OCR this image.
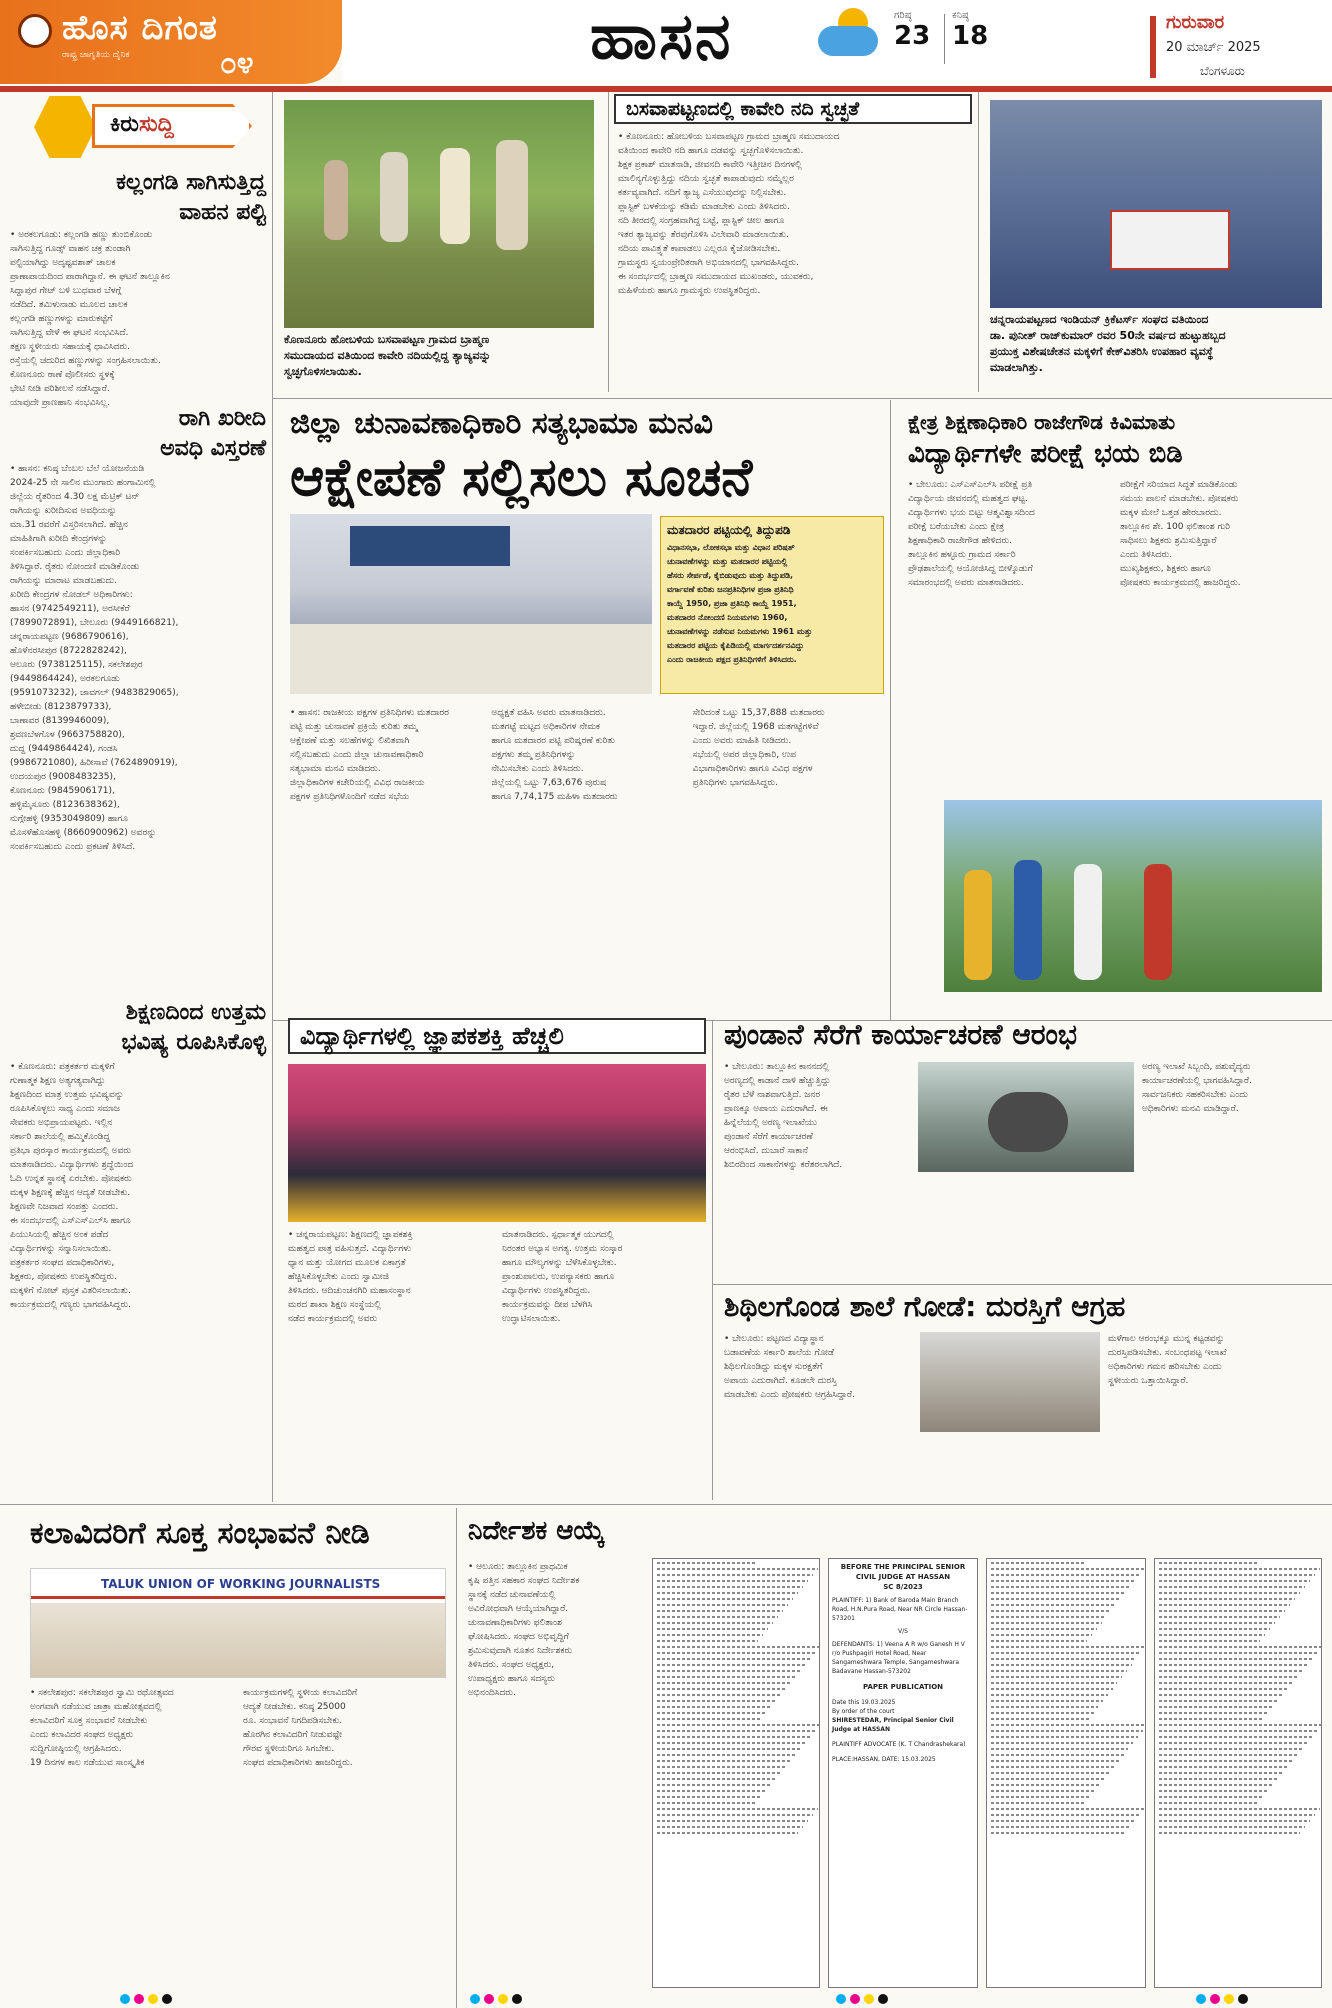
ಹೊಸ ದಿಗಂತ
ರಾಷ್ಟ್ರ ಜಾಗೃತಿಯ ದೈನಿಕ	೦೪	ಹಾಸನ	ಗರಿಷ್ಠ
23
ಕನಿಷ್ಠ
18	ಗುರುವಾರ
20 ಮಾರ್ಚ್ 2025
ಬೆಂಗಳೂರು
ಕಿರುಸುದ್ದಿ
ಕಲ್ಲಂಗಡಿ ಸಾಗಿಸುತ್ತಿದ್ದ
ವಾಹನ ಪಲ್ಟಿ
• ಅರಕಲಗೂಡು: ಕಲ್ಲಂಗಡಿ ಹಣ್ಣು ತುಂಬಿಕೊಂಡು
ಸಾಗಿಸುತ್ತಿದ್ದ ಗೂಡ್ಸ್ ವಾಹನ ಚಕ್ರ ತುಂಡಾಗಿ
ಪಲ್ಟಿಯಾಗಿದ್ದು ಅದೃಷ್ಟವಶಾತ್ ಚಾಲಕ
ಪ್ರಾಣಾಪಾಯದಿಂದ ಪಾರಾಗಿದ್ದಾನೆ. ಈ ಘಟನೆ ತಾಲ್ಲೂಕಿನ
ಸಿದ್ದಾಪುರ ಗೇಟ್ ಬಳಿ ಬುಧವಾರ ಬೆಳಗ್ಗೆ
ನಡೆದಿದೆ. ತಮಿಳುನಾಡು ಮೂಲದ ಚಾಲಕ
ಕಲ್ಲಂಗಡಿ ಹಣ್ಣುಗಳನ್ನು ಮಾರುಕಟ್ಟೆಗೆ
ಸಾಗಿಸುತ್ತಿದ್ದ ವೇಳೆ ಈ ಘಟನೆ ಸಂಭವಿಸಿದೆ.
ತಕ್ಷಣ ಸ್ಥಳೀಯರು ಸಹಾಯಕ್ಕೆ ಧಾವಿಸಿದರು.
ರಸ್ತೆಯಲ್ಲಿ ಚದುರಿದ ಹಣ್ಣುಗಳನ್ನು ಸಂಗ್ರಹಿಸಲಾಯಿತು.
ಕೊಣನೂರು ಠಾಣೆ ಪೊಲೀಸರು ಸ್ಥಳಕ್ಕೆ
ಭೇಟಿ ನೀಡಿ ಪರಿಶೀಲನೆ ನಡೆಸಿದ್ದಾರೆ.
ಯಾವುದೇ ಪ್ರಾಣಹಾನಿ ಸಂಭವಿಸಿಲ್ಲ.
ರಾಗಿ ಖರೀದಿ
ಅವಧಿ ವಿಸ್ತರಣೆ
• ಹಾಸನ: ಕನಿಷ್ಠ ಬೆಂಬಲ ಬೆಲೆ ಯೋಜನೆಯಡಿ
2024-25 ನೇ ಸಾಲಿನ ಮುಂಗಾರು ಹಂಗಾಮಿನಲ್ಲಿ
ಜಿಲ್ಲೆಯ ರೈತರಿಂದ 4.30 ಲಕ್ಷ ಮೆಟ್ರಿಕ್ ಟನ್
ರಾಗಿಯನ್ನು ಖರೀದಿಸುವ ಅವಧಿಯನ್ನು
ಮಾ.31 ರವರೆಗೆ ವಿಸ್ತರಿಸಲಾಗಿದೆ. ಹೆಚ್ಚಿನ
ಮಾಹಿತಿಗಾಗಿ ಖರೀದಿ ಕೇಂದ್ರಗಳನ್ನು
ಸಂಪರ್ಕಿಸಬಹುದು ಎಂದು ಜಿಲ್ಲಾಧಿಕಾರಿ
ತಿಳಿಸಿದ್ದಾರೆ. ರೈತರು ನೋಂದಣಿ ಮಾಡಿಕೊಂಡು
ರಾಗಿಯನ್ನು ಮಾರಾಟ ಮಾಡಬಹುದು.
ಖರೀದಿ ಕೇಂದ್ರಗಳ ನೋಡಲ್ ಅಧಿಕಾರಿಗಳು:
ಹಾಸನ (9742549211), ಅರಸೀಕೆರೆ
(7899072891), ಬೇಲೂರು (9449166821),
ಚನ್ನರಾಯಪಟ್ಟಣ (9686790616),
ಹೊಳೆನರಸೀಪುರ (8722828242),
ಆಲೂರು (9738125115), ಸಕಲೇಶಪುರ
(9449864424), ಅರಕಲಗೂಡು
(9591073232), ಜಾವಗಲ್ (9483829065),
ಹಳೇಬೀಡು (8123879733),
ಬಾಣಾವರ (8139946009),
ಶ್ರವಣಬೆಳಗೊಳ (9663758820),
ದುದ್ದ (9449864424), ಗಂಡಸಿ
(9986721080), ಹಿರೀಸಾವೆ (7624890919),
ಉದಯಪುರ (9008483235),
ಕೊಣನೂರು (9845906171),
ಹಳ್ಳಿಮೈಸೂರು (8123638362),
ನುಗ್ಗೇಹಳ್ಳಿ (9353049809) ಹಾಗೂ
ಮೊಸಳೆಹೊಸಹಳ್ಳಿ (8660900962) ಅವರನ್ನು
ಸಂಪರ್ಕಿಸಬಹುದು ಎಂದು ಪ್ರಕಟಣೆ ತಿಳಿಸಿದೆ.
ಶಿಕ್ಷಣದಿಂದ ಉತ್ತಮ
ಭವಿಷ್ಯ ರೂಪಿಸಿಕೊಳ್ಳಿ
• ಕೊಣನೂರು: ಪತ್ರಕರ್ತರ ಮಕ್ಕಳಿಗೆ
ಗುಣಾತ್ಮಕ ಶಿಕ್ಷಣ ಅತ್ಯಗತ್ಯವಾಗಿದ್ದು
ಶಿಕ್ಷಣದಿಂದ ಮಾತ್ರ ಉತ್ತಮ ಭವಿಷ್ಯವನ್ನು
ರೂಪಿಸಿಕೊಳ್ಳಲು ಸಾಧ್ಯ ಎಂದು ಸಮಾಜ
ಸೇವಕರು ಅಭಿಪ್ರಾಯಪಟ್ಟರು. ಇಲ್ಲಿನ
ಸರ್ಕಾರಿ ಶಾಲೆಯಲ್ಲಿ ಹಮ್ಮಿಕೊಂಡಿದ್ದ
ಪ್ರತಿಭಾ ಪುರಸ್ಕಾರ ಕಾರ್ಯಕ್ರಮದಲ್ಲಿ ಅವರು
ಮಾತನಾಡಿದರು. ವಿದ್ಯಾರ್ಥಿಗಳು ಶ್ರದ್ಧೆಯಿಂದ
ಓದಿ ಉನ್ನತ ಸ್ಥಾನಕ್ಕೆ ಏರಬೇಕು. ಪೋಷಕರು
ಮಕ್ಕಳ ಶಿಕ್ಷಣಕ್ಕೆ ಹೆಚ್ಚಿನ ಆದ್ಯತೆ ನೀಡಬೇಕು.
ಶಿಕ್ಷಣವೇ ನಿಜವಾದ ಸಂಪತ್ತು ಎಂದರು.
ಈ ಸಂದರ್ಭದಲ್ಲಿ ಎಸ್ಎಸ್ಎಲ್‌ಸಿ ಹಾಗೂ
ಪಿಯುಸಿಯಲ್ಲಿ ಹೆಚ್ಚಿನ ಅಂಕ ಪಡೆದ
ವಿದ್ಯಾರ್ಥಿಗಳನ್ನು ಸನ್ಮಾನಿಸಲಾಯಿತು.
ಪತ್ರಕರ್ತರ ಸಂಘದ ಪದಾಧಿಕಾರಿಗಳು,
ಶಿಕ್ಷಕರು, ಪೋಷಕರು ಉಪಸ್ಥಿತರಿದ್ದರು.
ಮಕ್ಕಳಿಗೆ ನೋಟ್ ಪುಸ್ತಕ ವಿತರಿಸಲಾಯಿತು.
ಕಾರ್ಯಕ್ರಮದಲ್ಲಿ ಗಣ್ಯರು ಭಾಗವಹಿಸಿದ್ದರು.
ಕೊಣನೂರು ಹೋಬಳಿಯ ಬಸವಾಪಟ್ಟಣ ಗ್ರಾಮದ ಬ್ರಾಹ್ಮಣ
ಸಮುದಾಯದ ವತಿಯಿಂದ ಕಾವೇರಿ ನದಿಯಲ್ಲಿದ್ದ ತ್ಯಾಜ್ಯವನ್ನು
ಸ್ವಚ್ಛಗೊಳಿಸಲಾಯಿತು.
ಬಸವಾಪಟ್ಟಣದಲ್ಲಿ ಕಾವೇರಿ ನದಿ ಸ್ವಚ್ಛತೆ
• ಕೊಣನೂರು: ಹೋಬಳಿಯ ಬಸವಾಪಟ್ಟಣ ಗ್ರಾಮದ ಬ್ರಾಹ್ಮಣ ಸಮುದಾಯದ
ವತಿಯಿಂದ ಕಾವೇರಿ ನದಿ ಹಾಗೂ ದಡವನ್ನು ಸ್ವಚ್ಛಗೊಳಿಸಲಾಯಿತು.
ಶಿಕ್ಷಕ ಪ್ರಕಾಶ್ ಮಾತನಾಡಿ, ಜೀವನದಿ ಕಾವೇರಿ ಇತ್ತೀಚಿನ ದಿನಗಳಲ್ಲಿ
ಮಾಲಿನ್ಯಗೊಳ್ಳುತ್ತಿದ್ದು ನದಿಯ ಸ್ವಚ್ಛತೆ ಕಾಪಾಡುವುದು ನಮ್ಮೆಲ್ಲರ
ಕರ್ತವ್ಯವಾಗಿದೆ. ನದಿಗೆ ತ್ಯಾಜ್ಯ ಎಸೆಯುವುದನ್ನು ನಿಲ್ಲಿಸಬೇಕು.
ಪ್ಲಾಸ್ಟಿಕ್ ಬಳಕೆಯನ್ನು ಕಡಿಮೆ ಮಾಡಬೇಕು ಎಂದು ತಿಳಿಸಿದರು.
ನದಿ ತೀರದಲ್ಲಿ ಸಂಗ್ರಹವಾಗಿದ್ದ ಬಟ್ಟೆ, ಪ್ಲಾಸ್ಟಿಕ್ ಚೀಲ ಹಾಗೂ
ಇತರ ತ್ಯಾಜ್ಯವನ್ನು ತೆರವುಗೊಳಿಸಿ ವಿಲೇವಾರಿ ಮಾಡಲಾಯಿತು.
ನದಿಯ ಪಾವಿತ್ರ್ಯತೆ ಕಾಪಾಡಲು ಎಲ್ಲರೂ ಕೈಜೋಡಿಸಬೇಕು.
ಗ್ರಾಮಸ್ಥರು ಸ್ವಯಂಪ್ರೇರಿತರಾಗಿ ಅಭಿಯಾನದಲ್ಲಿ ಭಾಗವಹಿಸಿದ್ದರು.
ಈ ಸಂದರ್ಭದಲ್ಲಿ ಬ್ರಾಹ್ಮಣ ಸಮುದಾಯದ ಮುಖಂಡರು, ಯುವಕರು,
ಮಹಿಳೆಯರು ಹಾಗೂ ಗ್ರಾಮಸ್ಥರು ಉಪಸ್ಥಿತರಿದ್ದರು.
ಚನ್ನರಾಯಪಟ್ಟಣದ ಇಂಡಿಯನ್ ಕ್ರಿಕೆಟರ್ಸ್ ಸಂಘದ ವತಿಯಿಂದ
ಡಾ. ಪುನೀತ್ ರಾಜ್‌ಕುಮಾರ್ ರವರ 50ನೇ ವರ್ಷದ ಹುಟ್ಟುಹಬ್ಬದ
ಪ್ರಯುಕ್ತ ವಿಶೇಷಚೇತನ ಮಕ್ಕಳಿಗೆ ಕೇಕ್‌ವಿತರಿಸಿ ಉಪಹಾರ ವ್ಯವಸ್ಥೆ
ಮಾಡಲಾಗಿತ್ತು.
ಜಿಲ್ಲಾ ಚುನಾವಣಾಧಿಕಾರಿ ಸತ್ಯಭಾಮಾ ಮನವಿ
ಆಕ್ಷೇಪಣೆ ಸಲ್ಲಿಸಲು ಸೂಚನೆ
ಮತದಾರರ ಪಟ್ಟಿಯಲ್ಲಿ ತಿದ್ದುಪಡಿ
ವಿಧಾನಸಭಾ, ಲೋಕಸಭಾ ಮತ್ತು ವಿಧಾನ ಪರಿಷತ್
ಚುನಾವಣೆಗಳನ್ನು ಮತ್ತು ಮತದಾರರ ಪಟ್ಟಿಯಲ್ಲಿ
ಹೆಸರು ಸೇರ್ಪಡೆ, ಕೈಬಿಡುವುದು ಮತ್ತು ತಿದ್ದುಪಡಿ,
ವರ್ಗಾವಣೆ ಕುರಿತು ಜನಪ್ರತಿನಿಧಿಗಳ ಪ್ರಜಾ ಪ್ರತಿನಿಧಿ
ಕಾಯ್ದೆ 1950, ಪ್ರಜಾ ಪ್ರತಿನಿಧಿ ಕಾಯ್ದೆ 1951,
ಮತದಾರರ ನೋಂದಣಿ ನಿಯಮಗಳು 1960,
ಚುನಾವಣೆಗಳನ್ನು ನಡೆಸುವ ನಿಯಮಗಳು 1961 ಮತ್ತು
ಮತದಾರರ ಪಟ್ಟಿಯ ಕೈಪಿಡಿಯಲ್ಲಿ ಮಾರ್ಗದರ್ಶನವಿದ್ದು
ಎಂದು ರಾಜಕೀಯ ಪಕ್ಷದ ಪ್ರತಿನಿಧಿಗಳಿಗೆ ತಿಳಿಸಿದರು.
• ಹಾಸನ: ರಾಜಕೀಯ ಪಕ್ಷಗಳ ಪ್ರತಿನಿಧಿಗಳು ಮತದಾರರ
ಪಟ್ಟಿ ಮತ್ತು ಚುನಾವಣೆ ಪ್ರಕ್ರಿಯೆ ಕುರಿತು ತಮ್ಮ
ಆಕ್ಷೇಪಣೆ ಮತ್ತು ಸಲಹೆಗಳನ್ನು ಲಿಖಿತವಾಗಿ
ಸಲ್ಲಿಸಬಹುದು ಎಂದು ಜಿಲ್ಲಾ ಚುನಾವಣಾಧಿಕಾರಿ
ಸತ್ಯಭಾಮಾ ಮನವಿ ಮಾಡಿದರು.
ಜಿಲ್ಲಾಧಿಕಾರಿಗಳ ಕಚೇರಿಯಲ್ಲಿ ವಿವಿಧ ರಾಜಕೀಯ
ಪಕ್ಷಗಳ ಪ್ರತಿನಿಧಿಗಳೊಂದಿಗೆ ನಡೆದ ಸಭೆಯ
ಅಧ್ಯಕ್ಷತೆ ವಹಿಸಿ ಅವರು ಮಾತನಾಡಿದರು.
ಮತಗಟ್ಟೆ ಮಟ್ಟದ ಅಧಿಕಾರಿಗಳ ನೇಮಕ
ಹಾಗೂ ಮತದಾರರ ಪಟ್ಟಿ ಪರಿಷ್ಕರಣೆ ಕುರಿತು
ಪಕ್ಷಗಳು ತಮ್ಮ ಪ್ರತಿನಿಧಿಗಳನ್ನು
ನೇಮಿಸಬೇಕು ಎಂದು ತಿಳಿಸಿದರು.
ಜಿಲ್ಲೆಯಲ್ಲಿ ಒಟ್ಟು 7,63,676 ಪುರುಷ
ಹಾಗೂ 7,74,175 ಮಹಿಳಾ ಮತದಾರರು
ಸೇರಿದಂತೆ ಒಟ್ಟು 15,37,888 ಮತದಾರರು
ಇದ್ದಾರೆ. ಜಿಲ್ಲೆಯಲ್ಲಿ 1968 ಮತಗಟ್ಟೆಗಳಿವೆ
ಎಂದು ಅವರು ಮಾಹಿತಿ ನೀಡಿದರು.
ಸಭೆಯಲ್ಲಿ ಅಪರ ಜಿಲ್ಲಾಧಿಕಾರಿ, ಉಪ
ವಿಭಾಗಾಧಿಕಾರಿಗಳು ಹಾಗೂ ವಿವಿಧ ಪಕ್ಷಗಳ
ಪ್ರತಿನಿಧಿಗಳು ಭಾಗವಹಿಸಿದ್ದರು.
ಕ್ಷೇತ್ರ ಶಿಕ್ಷಣಾಧಿಕಾರಿ ರಾಜೇಗೌಡ ಕಿವಿಮಾತು
ವಿದ್ಯಾರ್ಥಿಗಳೇ ಪರೀಕ್ಷೆ ಭಯ ಬಿಡಿ
• ಬೇಲೂರು: ಎಸ್ಎಸ್ಎಲ್‌ಸಿ ಪರೀಕ್ಷೆ ಪ್ರತಿ
ವಿದ್ಯಾರ್ಥಿಯ ಜೀವನದಲ್ಲಿ ಮಹತ್ವದ ಘಟ್ಟ.
ವಿದ್ಯಾರ್ಥಿಗಳು ಭಯ ಬಿಟ್ಟು ಆತ್ಮವಿಶ್ವಾಸದಿಂದ
ಪರೀಕ್ಷೆ ಬರೆಯಬೇಕು ಎಂದು ಕ್ಷೇತ್ರ
ಶಿಕ್ಷಣಾಧಿಕಾರಿ ರಾಜೇಗೌಡ ಹೇಳಿದರು.
ತಾಲ್ಲೂಕಿನ ಹಳ್ಳೂರು ಗ್ರಾಮದ ಸರ್ಕಾರಿ
ಪ್ರೌಢಶಾಲೆಯಲ್ಲಿ ಆಯೋಜಿಸಿದ್ದ ಬೀಳ್ಕೊಡುಗೆ
ಸಮಾರಂಭದಲ್ಲಿ ಅವರು ಮಾತನಾಡಿದರು.
ಪರೀಕ್ಷೆಗೆ ಸರಿಯಾದ ಸಿದ್ಧತೆ ಮಾಡಿಕೊಂಡು
ಸಮಯ ಪಾಲನೆ ಮಾಡಬೇಕು. ಪೋಷಕರು
ಮಕ್ಕಳ ಮೇಲೆ ಒತ್ತಡ ಹೇರಬಾರದು.
ತಾಲ್ಲೂಕಿನ ಶೇ. 100 ಫಲಿತಾಂಶ ಗುರಿ
ಸಾಧಿಸಲು ಶಿಕ್ಷಕರು ಶ್ರಮಿಸುತ್ತಿದ್ದಾರೆ
ಎಂದು ತಿಳಿಸಿದರು.
ಮುಖ್ಯಶಿಕ್ಷಕರು, ಶಿಕ್ಷಕರು ಹಾಗೂ
ಪೋಷಕರು ಕಾರ್ಯಕ್ರಮದಲ್ಲಿ ಹಾಜರಿದ್ದರು.
ವಿದ್ಯಾರ್ಥಿಗಳಲ್ಲಿ ಜ್ಞಾಪಕಶಕ್ತಿ ಹೆಚ್ಚಲಿ
• ಚನ್ನರಾಯಪಟ್ಟಣ: ಶಿಕ್ಷಣದಲ್ಲಿ ಜ್ಞಾಪಕಶಕ್ತಿ
ಮಹತ್ವದ ಪಾತ್ರ ವಹಿಸುತ್ತದೆ. ವಿದ್ಯಾರ್ಥಿಗಳು
ಧ್ಯಾನ ಮತ್ತು ಯೋಗದ ಮೂಲಕ ಏಕಾಗ್ರತೆ
ಹೆಚ್ಚಿಸಿಕೊಳ್ಳಬೇಕು ಎಂದು ಸ್ವಾಮೀಜಿ
ತಿಳಿಸಿದರು. ಆದಿಚುಂಚನಗಿರಿ ಮಹಾಸಂಸ್ಥಾನ
ಮಠದ ಶಾಖಾ ಶಿಕ್ಷಣ ಸಂಸ್ಥೆಯಲ್ಲಿ
ನಡೆದ ಕಾರ್ಯಕ್ರಮದಲ್ಲಿ ಅವರು
ಮಾತನಾಡಿದರು. ಸ್ಪರ್ಧಾತ್ಮಕ ಯುಗದಲ್ಲಿ
ನಿರಂತರ ಅಭ್ಯಾಸ ಅಗತ್ಯ. ಉತ್ತಮ ಸಂಸ್ಕಾರ
ಹಾಗೂ ಮೌಲ್ಯಗಳನ್ನು ಬೆಳೆಸಿಕೊಳ್ಳಬೇಕು.
ಪ್ರಾಂಶುಪಾಲರು, ಉಪನ್ಯಾಸಕರು ಹಾಗೂ
ವಿದ್ಯಾರ್ಥಿಗಳು ಉಪಸ್ಥಿತರಿದ್ದರು.
ಕಾರ್ಯಕ್ರಮವನ್ನು ದೀಪ ಬೆಳಗಿಸಿ
ಉದ್ಘಾಟಿಸಲಾಯಿತು.
ಪುಂಡಾನೆ ಸೆರೆಗೆ ಕಾರ್ಯಾಚರಣೆ ಆರಂಭ
• ಬೇಲೂರು: ತಾಲ್ಲೂಕಿನ ಕಾನನದಲ್ಲಿ
ಅರಣ್ಯದಲ್ಲಿ ಕಾಡಾನೆ ದಾಳಿ ಹೆಚ್ಚುತ್ತಿದ್ದು
ರೈತರ ಬೆಳೆ ನಾಶವಾಗುತ್ತಿದೆ. ಜನರ
ಪ್ರಾಣಕ್ಕೂ ಅಪಾಯ ಎದುರಾಗಿದೆ. ಈ
ಹಿನ್ನೆಲೆಯಲ್ಲಿ ಅರಣ್ಯ ಇಲಾಖೆಯು
ಪುಂಡಾನೆ ಸೆರೆಗೆ ಕಾರ್ಯಾಚರಣೆ
ಆರಂಭಿಸಿದೆ. ದುಬಾರೆ ಸಾಕಾನೆ
ಶಿಬಿರದಿಂದ ಸಾಕಾನೆಗಳನ್ನು ಕರೆತರಲಾಗಿದೆ.
ಅರಣ್ಯ ಇಲಾಖೆ ಸಿಬ್ಬಂದಿ, ಪಶುವೈದ್ಯರು
ಕಾರ್ಯಾಚರಣೆಯಲ್ಲಿ ಭಾಗವಹಿಸಿದ್ದಾರೆ.
ಸಾರ್ವಜನಿಕರು ಸಹಕರಿಸಬೇಕು ಎಂದು
ಅಧಿಕಾರಿಗಳು ಮನವಿ ಮಾಡಿದ್ದಾರೆ.
ಶಿಥಿಲಗೊಂಡ ಶಾಲೆ ಗೋಡೆ: ದುರಸ್ತಿಗೆ ಆಗ್ರಹ
• ಬೇಲೂರು: ಪಟ್ಟಣದ ವಿದ್ಯಾಸ್ಥಾನ
ಬಡಾವಣೆಯ ಸರ್ಕಾರಿ ಶಾಲೆಯ ಗೋಡೆ
ಶಿಥಿಲಗೊಂಡಿದ್ದು ಮಕ್ಕಳ ಸುರಕ್ಷತೆಗೆ
ಅಪಾಯ ಎದುರಾಗಿದೆ. ಕೂಡಲೇ ದುರಸ್ತಿ
ಮಾಡಬೇಕು ಎಂದು ಪೋಷಕರು ಆಗ್ರಹಿಸಿದ್ದಾರೆ.
ಮಳೆಗಾಲ ಆರಂಭಕ್ಕೂ ಮುನ್ನ ಕಟ್ಟಡವನ್ನು
ದುರಸ್ತಿಪಡಿಸಬೇಕು. ಸಂಬಂಧಪಟ್ಟ ಇಲಾಖೆ
ಅಧಿಕಾರಿಗಳು ಗಮನ ಹರಿಸಬೇಕು ಎಂದು
ಸ್ಥಳೀಯರು ಒತ್ತಾಯಿಸಿದ್ದಾರೆ.
ಕಲಾವಿದರಿಗೆ ಸೂಕ್ತ ಸಂಭಾವನೆ ನೀಡಿ
TALUK UNION OF WORKING JOURNALISTS
• ಸಕಲೇಶಪುರ: ಸಕಲೇಶಪುರ ಸ್ವಾಮಿ ರಥೋತ್ಸವದ
ಅಂಗವಾಗಿ ನಡೆಯುವ ಜಾತ್ರಾ ಮಹೋತ್ಸವದಲ್ಲಿ
ಕಲಾವಿದರಿಗೆ ಸೂಕ್ತ ಸಂಭಾವನೆ ನೀಡಬೇಕು
ಎಂದು ಕಲಾವಿದರ ಸಂಘದ ಅಧ್ಯಕ್ಷರು
ಸುದ್ದಿಗೋಷ್ಠಿಯಲ್ಲಿ ಆಗ್ರಹಿಸಿದರು.
19 ದಿನಗಳ ಕಾಲ ನಡೆಯುವ ಸಾಂಸ್ಕೃತಿಕ
ಕಾರ್ಯಕ್ರಮಗಳಲ್ಲಿ ಸ್ಥಳೀಯ ಕಲಾವಿದರಿಗೆ
ಆದ್ಯತೆ ನೀಡಬೇಕು. ಕನಿಷ್ಠ 25000
ರೂ. ಸಂಭಾವನೆ ನಿಗದಿಪಡಿಸಬೇಕು.
ಹೊರಗಿನ ಕಲಾವಿದರಿಗೆ ನೀಡುವಷ್ಟೇ
ಗೌರವ ಸ್ಥಳೀಯರಿಗೂ ಸಿಗಬೇಕು.
ಸಂಘದ ಪದಾಧಿಕಾರಿಗಳು ಹಾಜರಿದ್ದರು.
ನಿರ್ದೇಶಕ ಆಯ್ಕೆ
• ಆಲೂರು: ತಾಲ್ಲೂಕಿನ ಪ್ರಾಥಮಿಕ
ಕೃಷಿ ಪತ್ತಿನ ಸಹಕಾರ ಸಂಘದ ನಿರ್ದೇಶಕ
ಸ್ಥಾನಕ್ಕೆ ನಡೆದ ಚುನಾವಣೆಯಲ್ಲಿ
ಅವಿರೋಧವಾಗಿ ಆಯ್ಕೆಯಾಗಿದ್ದಾರೆ.
ಚುನಾವಣಾಧಿಕಾರಿಗಳು ಫಲಿತಾಂಶ
ಘೋಷಿಸಿದರು. ಸಂಘದ ಅಭಿವೃದ್ಧಿಗೆ
ಶ್ರಮಿಸುವುದಾಗಿ ನೂತನ ನಿರ್ದೇಶಕರು
ತಿಳಿಸಿದರು. ಸಂಘದ ಅಧ್ಯಕ್ಷರು,
ಉಪಾಧ್ಯಕ್ಷರು ಹಾಗೂ ಸದಸ್ಯರು
ಅಭಿನಂದಿಸಿದರು.
BEFORE THE PRINCIPAL SENIOR CIVIL JUDGE AT HASSAN
SC 8/2023
PLAINTIFF: 1) Bank of Baroda Main Branch Road, H.N.Pura Road, Near NR Circle Hassan-573201
V/S
DEFENDANTS: 1) Veena A R w/o Ganesh H V r/o Pushpagiri Hotel Road, Near Sangameshwara Temple, Sangameshwara Badavane Hassan-573202
PAPER PUBLICATION
Date this 19.03.2025
By order of the court
SHIRESTEDAR, Principal Senior Civil Judge at HASSAN
PLAINTIFF ADVOCATE (K. T Chandrashekara)
PLACE:HASSAN, DATE: 15.03.2025
